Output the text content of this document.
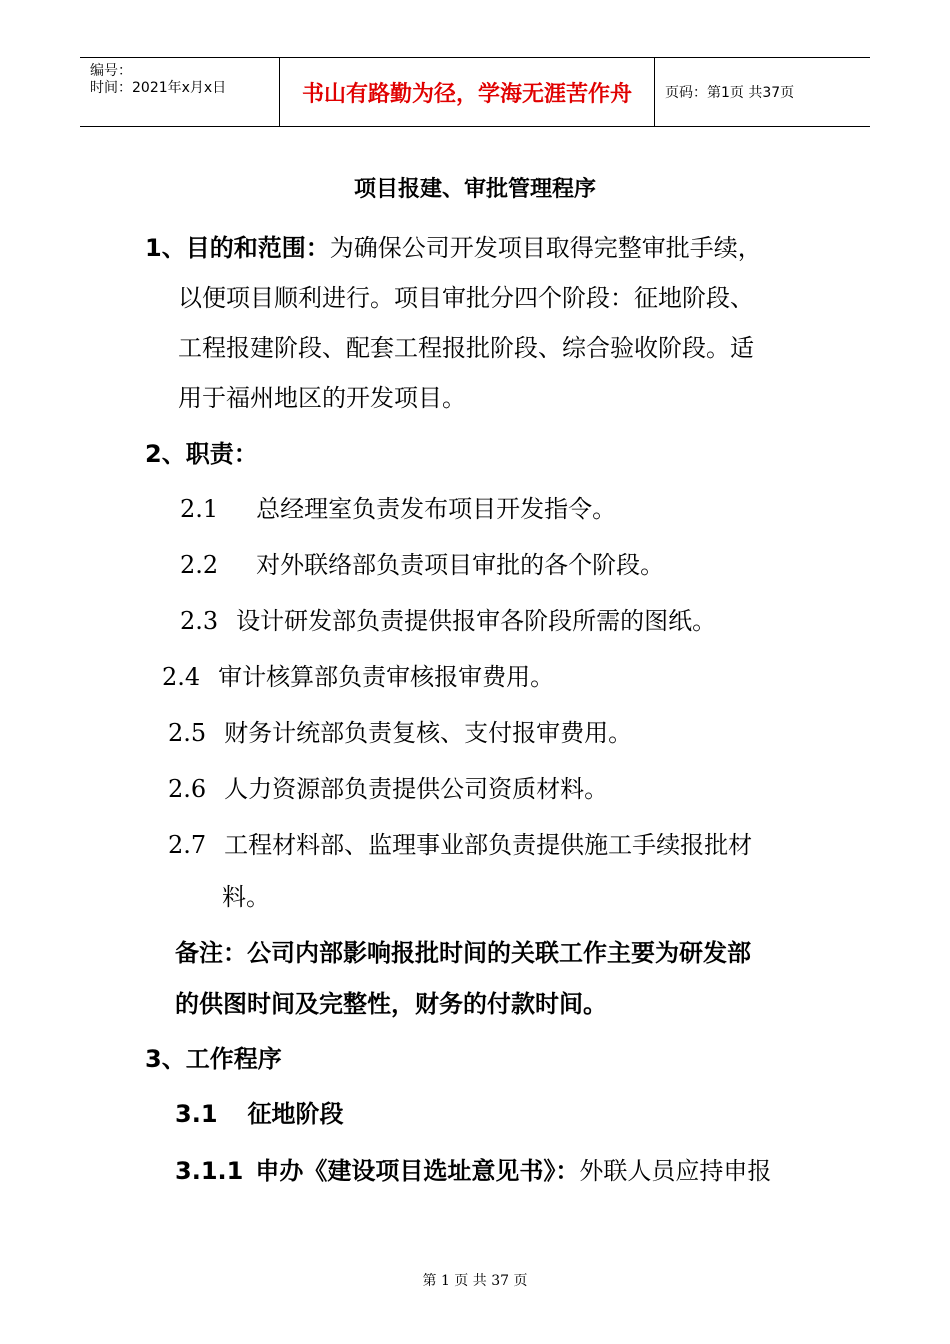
编号：
时间：2021年x月x日	书山有路勤为径，学海无涯苦作舟	页码：第1页 共37页
项目报建、审批管理程序
1、目的和范围：为确保公司开发项目取得完整审批手续，
以便项目顺利进行。项目审批分四个阶段：征地阶段、
工程报建阶段、配套工程报批阶段、综合验收阶段。适
用于福州地区的开发项目。
2、职责：
2.1 总经理室负责发布项目开发指令。
2.2 对外联络部负责项目审批的各个阶段。
2.3 设计研发部负责提供报审各阶段所需的图纸。
2.4 审计核算部负责审核报审费用。
2.5 财务计统部负责复核、支付报审费用。
2.6 人力资源部负责提供公司资质材料。
2.7 工程材料部、监理事业部负责提供施工手续报批材
料。
备注：公司内部影响报批时间的关联工作主要为研发部
的供图时间及完整性，财务的付款时间。
3、工作程序
3.1 征地阶段
3.1.1 申办《建设项目选址意见书》：外联人员应持申报
第 1 页 共 37 页
